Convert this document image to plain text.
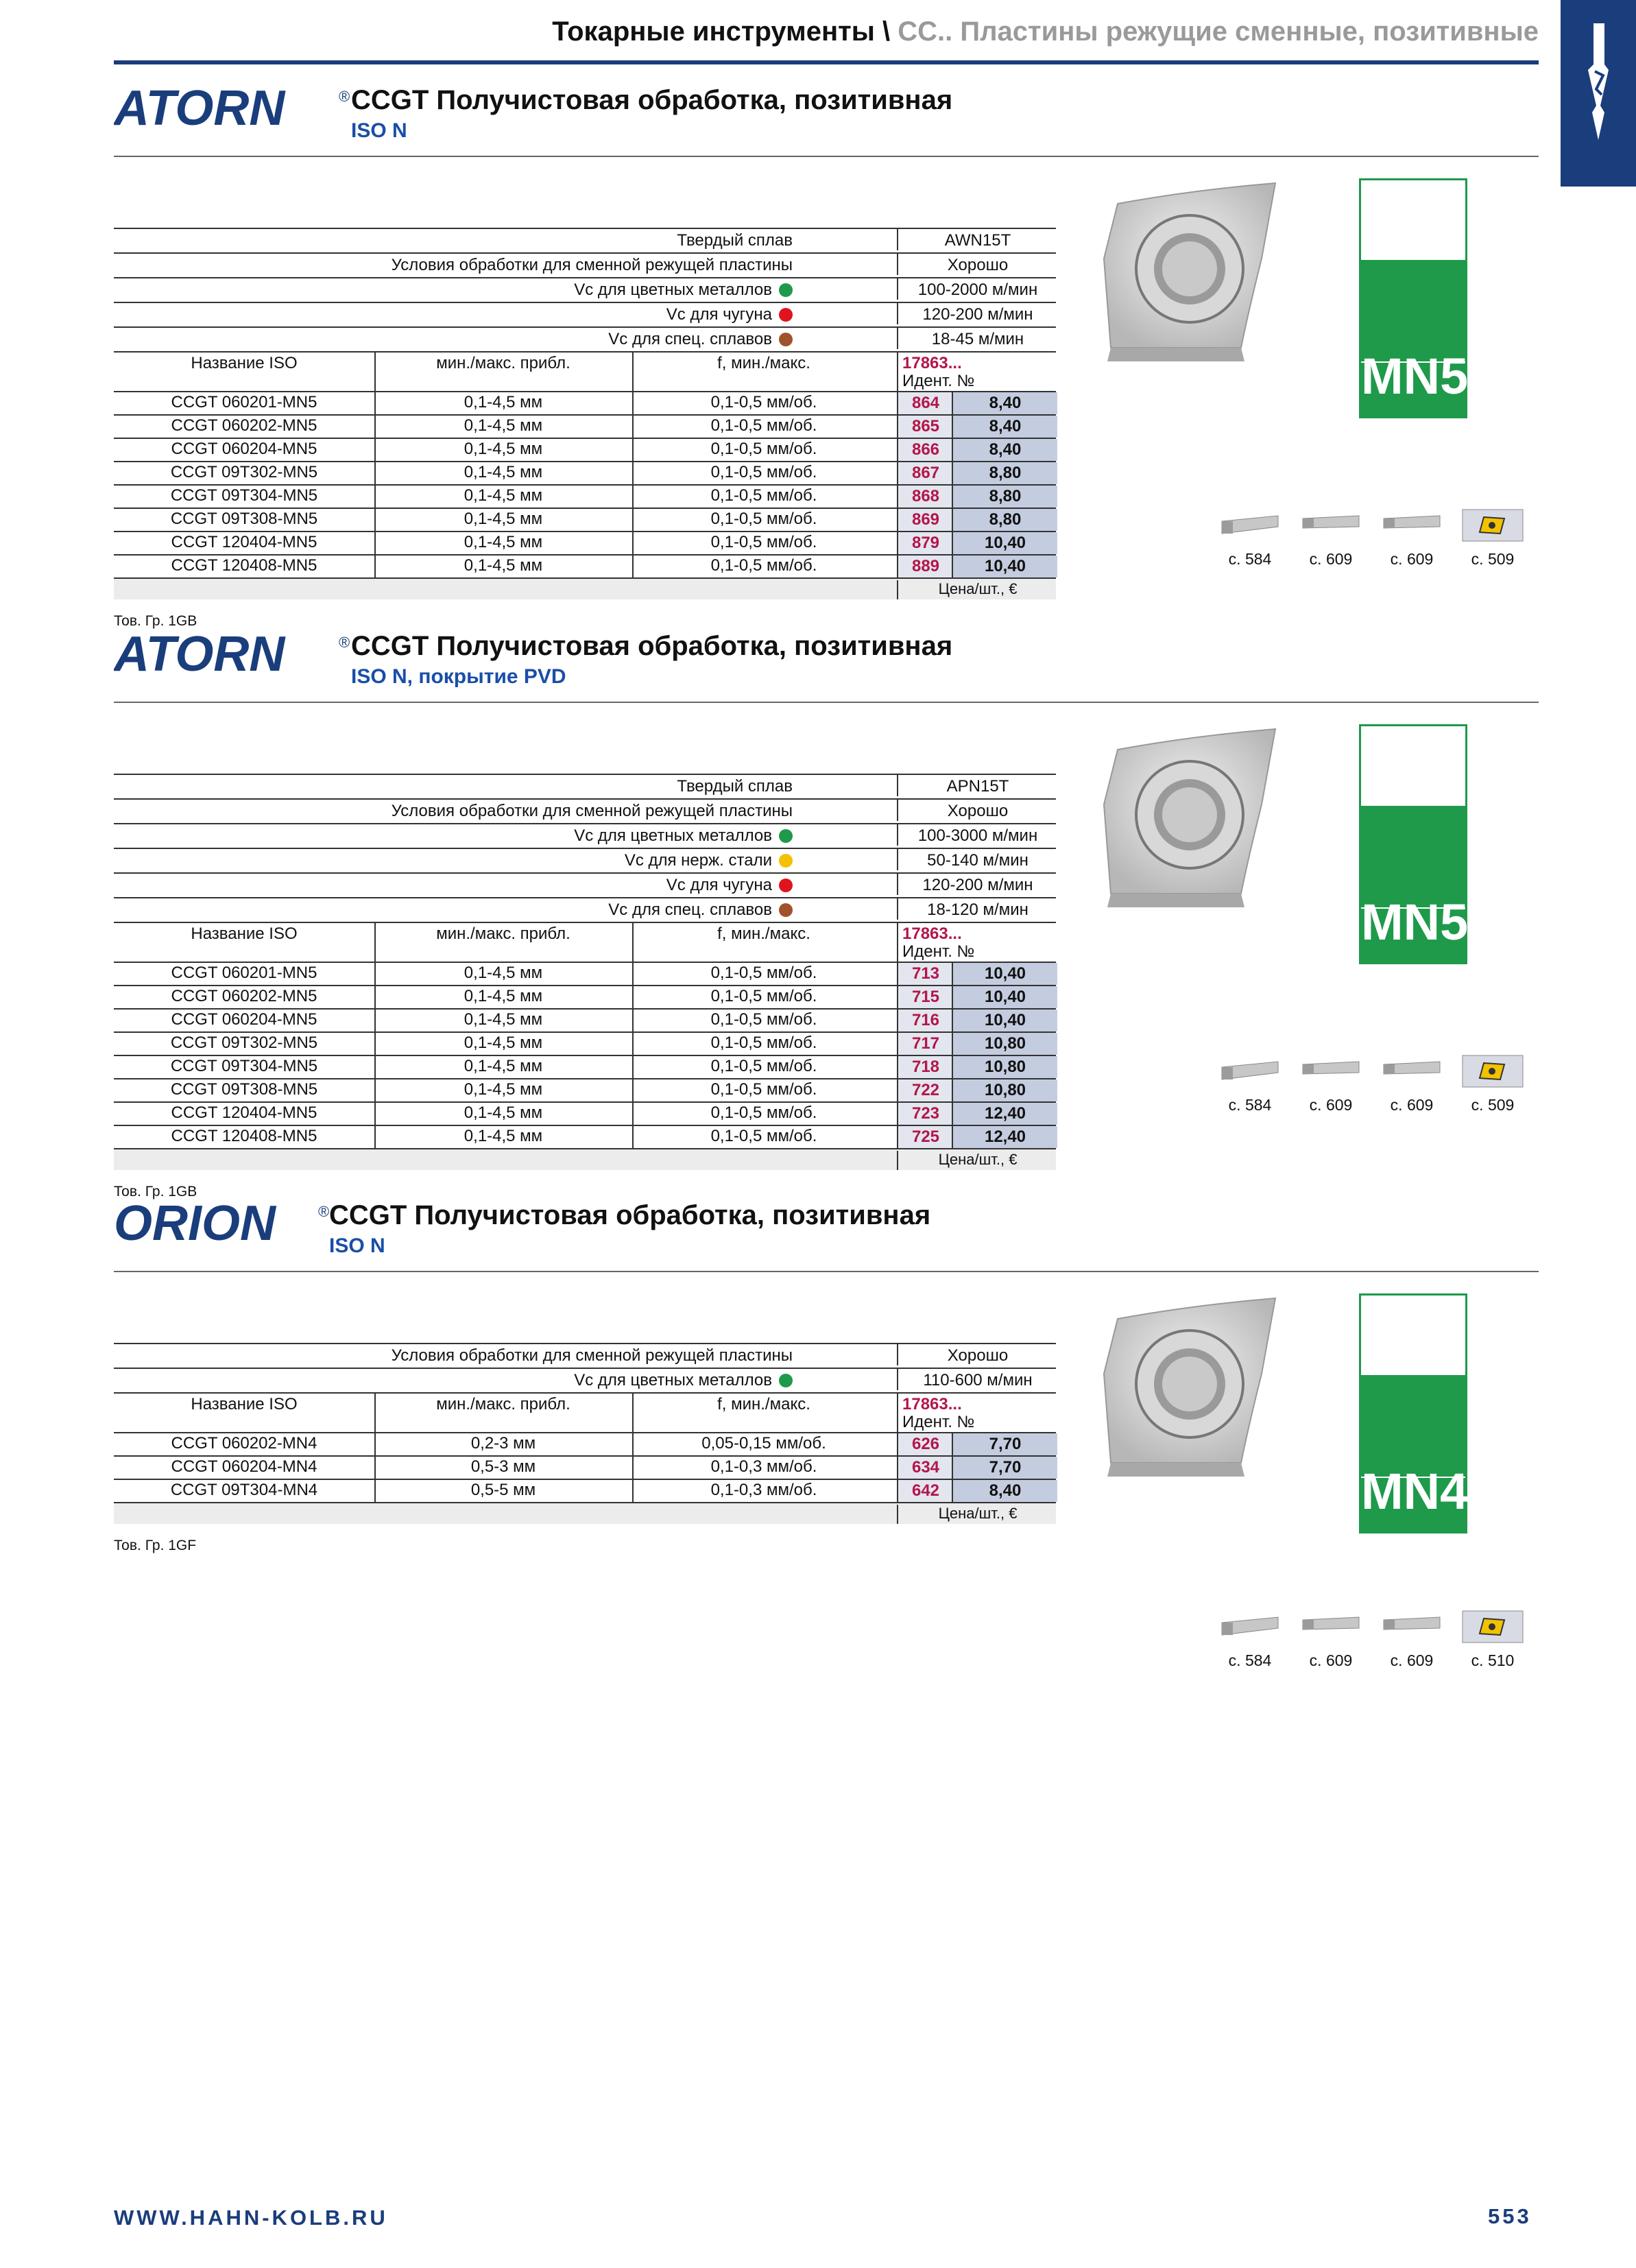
Токарные инструменты \ CC.. Пластины режущие сменные, позитивные
ATORN	® CCGT Получистовая обработка, позитивная
ISO N
Твердый сплав	AWN15T
Условия обработки для сменной режущей пластины	Хорошо
Vc для цветных металлов	100-2000 м/мин
Vc для чугуна	120-200 м/мин
Vc для спец. сплавов	18-45 м/мин
Название ISO	мин./макс. прибл.	f, мин./макс.	17863...
Идент. №
CCGT 060201-MN5	0,1-4,5 мм	0,1-0,5 мм/об.	864	8,40
CCGT 060202-MN5	0,1-4,5 мм	0,1-0,5 мм/об.	865	8,40
CCGT 060204-MN5	0,1-4,5 мм	0,1-0,5 мм/об.	866	8,40
CCGT 09T302-MN5	0,1-4,5 мм	0,1-0,5 мм/об.	867	8,80
CCGT 09T304-MN5	0,1-4,5 мм	0,1-0,5 мм/об.	868	8,80
CCGT 09T308-MN5	0,1-4,5 мм	0,1-0,5 мм/об.	869	8,80
CCGT 120404-MN5	0,1-4,5 мм	0,1-0,5 мм/об.	879	10,40
CCGT 120408-MN5	0,1-4,5 мм	0,1-0,5 мм/об.	889	10,40
Цена/шт., €
Тов. Гр. 1GB
MN5
с. 584	с. 609	с. 609	с. 509
ATORN	® CCGT Получистовая обработка, позитивная
ISO N, покрытие PVD
Твердый сплав	APN15T
Условия обработки для сменной режущей пластины	Хорошо
Vc для цветных металлов	100-3000 м/мин
Vc для нерж. стали	50-140 м/мин
Vc для чугуна	120-200 м/мин
Vc для спец. сплавов	18-120 м/мин
Название ISO	мин./макс. прибл.	f, мин./макс.	17863...
Идент. №
CCGT 060201-MN5	0,1-4,5 мм	0,1-0,5 мм/об.	713	10,40
CCGT 060202-MN5	0,1-4,5 мм	0,1-0,5 мм/об.	715	10,40
CCGT 060204-MN5	0,1-4,5 мм	0,1-0,5 мм/об.	716	10,40
CCGT 09T302-MN5	0,1-4,5 мм	0,1-0,5 мм/об.	717	10,80
CCGT 09T304-MN5	0,1-4,5 мм	0,1-0,5 мм/об.	718	10,80
CCGT 09T308-MN5	0,1-4,5 мм	0,1-0,5 мм/об.	722	10,80
CCGT 120404-MN5	0,1-4,5 мм	0,1-0,5 мм/об.	723	12,40
CCGT 120408-MN5	0,1-4,5 мм	0,1-0,5 мм/об.	725	12,40
Цена/шт., €
Тов. Гр. 1GB
MN5
с. 584	с. 609	с. 609	с. 509
ORION	® CCGT Получистовая обработка, позитивная
ISO N
Условия обработки для сменной режущей пластины	Хорошо
Vc для цветных металлов	110-600 м/мин
Название ISO	мин./макс. прибл.	f, мин./макс.	17863...
Идент. №
CCGT 060202-MN4	0,2-3 мм	0,05-0,15 мм/об.	626	7,70
CCGT 060204-MN4	0,5-3 мм	0,1-0,3 мм/об.	634	7,70
CCGT 09T304-MN4	0,5-5 мм	0,1-0,3 мм/об.	642	8,40
Цена/шт., €
Тов. Гр. 1GF
MN4
с. 584	с. 609	с. 609	с. 510
WWW.HAHN-KOLB.RU	553
